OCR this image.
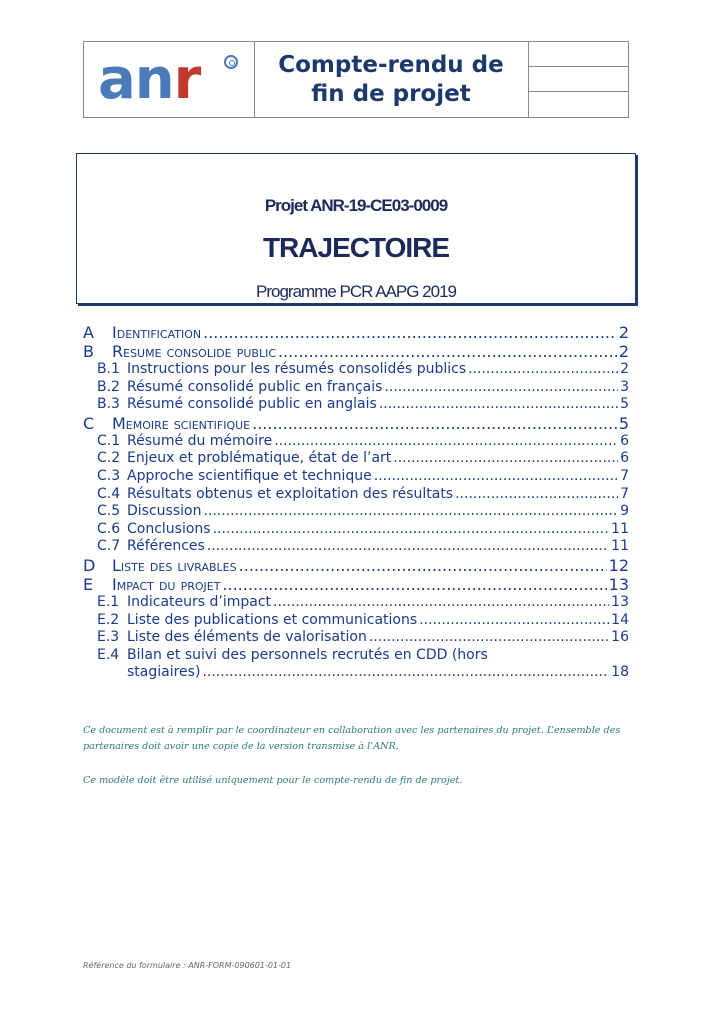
anr	Compte-rendu de
fin de projet
Projet ANR-19-CE03-0009
TRAJECTOIRE
Programme PCR AAPG 2019
A	Identification .....	2
B	Resume consolide public .....	2
B.1 Instructions pour les résumés consolidés publics .....	2
B.2 Résumé consolidé public en français .....	3
B.3 Résumé consolidé public en anglais .....	5
C	Memoire scientifique .....	5
C.1 Résumé du mémoire .....	6
C.2 Enjeux et problématique, état de l’art .....	6
C.3 Approche scientifique et technique .....	7
C.4 Résultats obtenus et exploitation des résultats .....	7
C.5 Discussion .....	9
C.6 Conclusions .....	11
C.7 Références .....	11
D	Liste des livrables .....	12
E	Impact du projet .....	13
E.1 Indicateurs d’impact .....	13
E.2 Liste des publications et communications .....	14
E.3 Liste des éléments de valorisation .....	16
E.4 Bilan et suivi des personnels recrutés en CDD (hors
stagiaires) .....	18
Ce document est à remplir par le coordinateur en collaboration avec les partenaires du projet. L’ensemble des partenaires doit avoir une copie de la version transmise à l’ANR.
Ce modèle doit être utilisé uniquement pour le compte-rendu de fin de projet.
Référence du formulaire : ANR-FORM-090601-01-01
